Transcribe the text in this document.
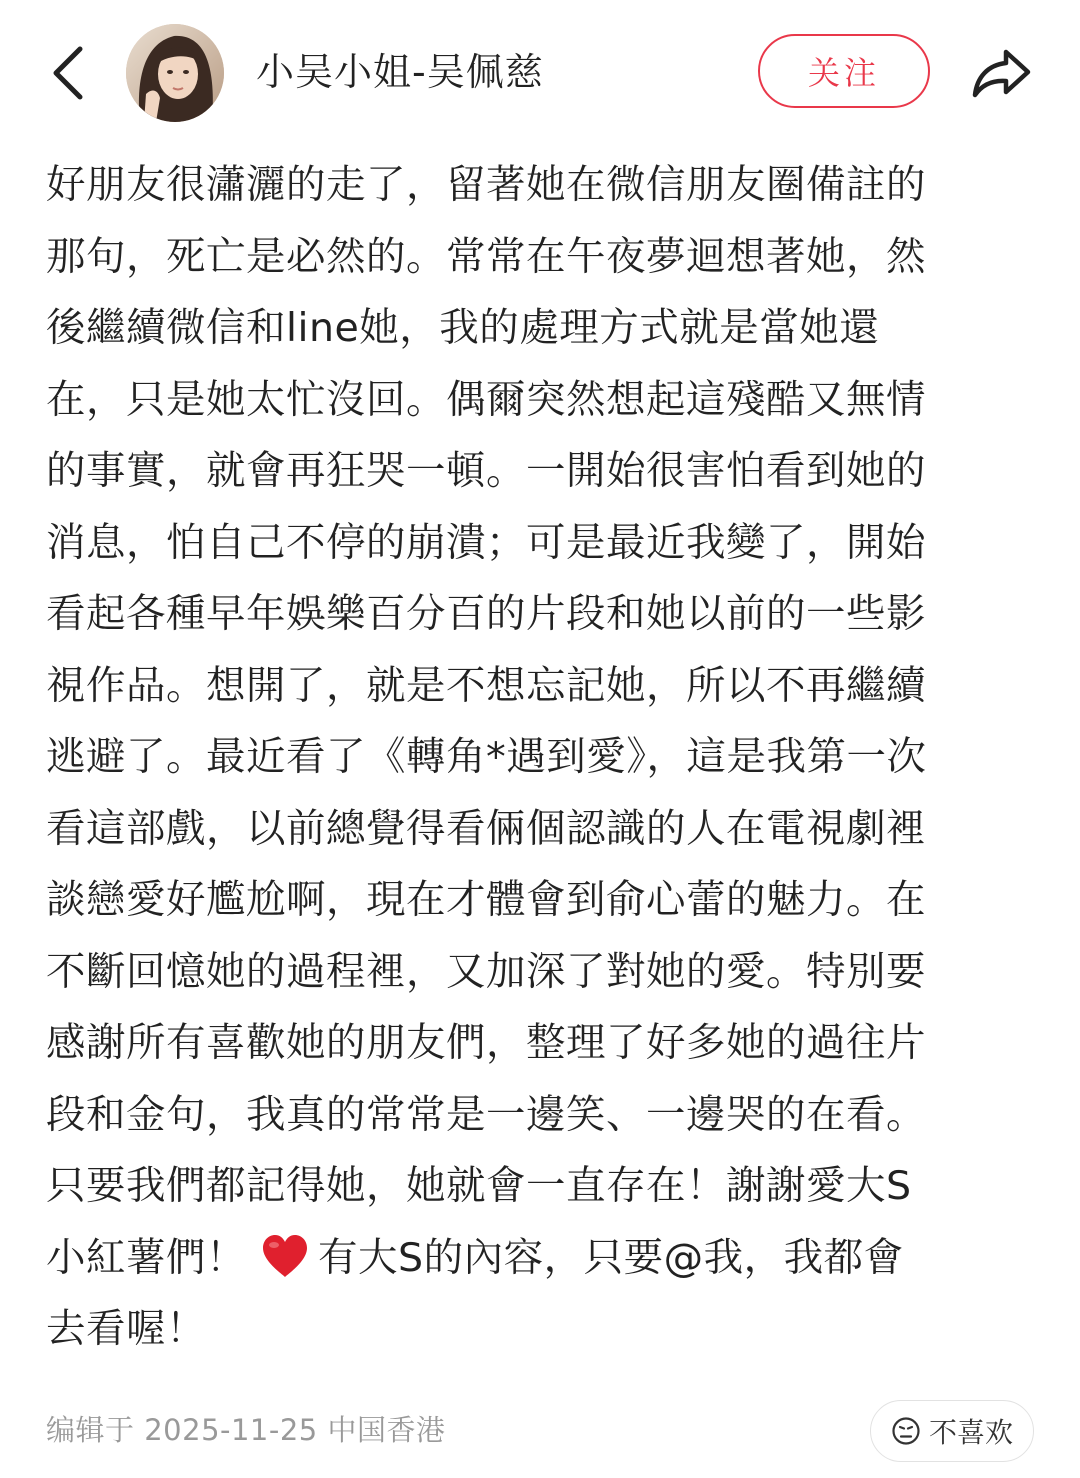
小吴小姐-吴佩慈	关注
好朋友很瀟灑的走了，留著她在微信朋友圈備註的
那句，死亡是必然的。常常在午夜夢迴想著她，然
後繼續微信和line她，我的處理方式就是當她還
在，只是她太忙沒回。偶爾突然想起這殘酷又無情
的事實，就會再狂哭一頓。一開始很害怕看到她的
消息，怕自己不停的崩潰；可是最近我變了，開始
看起各種早年娛樂百分百的片段和她以前的一些影
視作品。想開了，就是不想忘記她，所以不再繼續
逃避了。最近看了《轉角*遇到愛》，這是我第一次
看這部戲，以前總覺得看倆個認識的人在電視劇裡
談戀愛好尷尬啊，現在才體會到俞心蕾的魅力。在
不斷回憶她的過程裡，又加深了對她的愛。特別要
感謝所有喜歡她的朋友們，整理了好多她的過往片
段和金句，我真的常常是一邊笑、一邊哭的在看。
只要我們都記得她，她就會一直存在！謝謝愛大S
小紅薯們！ 有大S的內容，只要@我，我都會
去看喔！
编辑于 2025-11-25 中国香港	不喜欢
